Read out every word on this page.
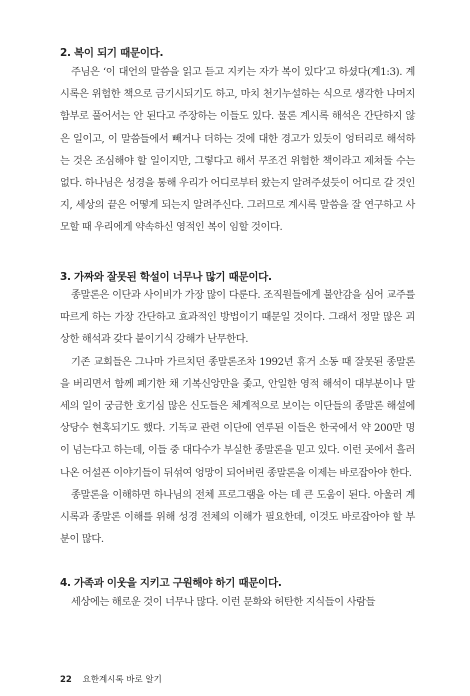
2. 복이 되기 때문이다.

주님은 ‘이 대언의 말씀을 읽고 듣고 지키는 자가 복이 있다’고 하셨다(계1:3). 계시록은 위험한 책으로 금기시되기도 하고, 마치 천기누설하는 식으로 생각한 나머지 함부로 풀어서는 안 된다고 주장하는 이들도 있다. 물론 계시록 해석은 간단하지 않은 일이고, 이 말씀들에서 빼거나 더하는 것에 대한 경고가 있듯이 엉터리로 해석하는 것은 조심해야 할 일이지만, 그렇다고 해서 무조건 위험한 책이라고 제쳐둘 수는 없다. 하나님은 성경을 통해 우리가 어디로부터 왔는지 알려주셨듯이 어디로 갈 것인지, 세상의 끝은 어떻게 되는지 알려주신다. 그러므로 계시록 말씀을 잘 연구하고 사모할 때 우리에게 약속하신 영적인 복이 임할 것이다.

3. 가짜와 잘못된 학설이 너무나 많기 때문이다.

종말론은 이단과 사이비가 가장 많이 다룬다. 조직원들에게 불안감을 심어 교주를 따르게 하는 가장 간단하고 효과적인 방법이기 때문일 것이다. 그래서 정말 많은 괴상한 해석과 갖다 붙이기식 강해가 난무한다.

기존 교회들은 그나마 가르치던 종말론조차 1992년 휴거 소동 때 잘못된 종말론을 버리면서 함께 폐기한 채 기복신앙만을 좇고, 안일한 영적 해석이 대부분이나 말세의 일이 궁금한 호기심 많은 신도들은 체계적으로 보이는 이단들의 종말론 해설에 상당수 현혹되기도 했다. 기독교 관련 이단에 연루된 이들은 한국에서 약 200만 명이 넘는다고 하는데, 이들 중 대다수가 부실한 종말론을 믿고 있다. 이런 곳에서 흘러나온 어설픈 이야기들이 뒤섞여 엉망이 되어버린 종말론을 이제는 바로잡아야 한다.

종말론을 이해하면 하나님의 전체 프로그램을 아는 데 큰 도움이 된다. 아울러 계시록과 종말론 이해를 위해 성경 전체의 이해가 필요한데, 이것도 바로잡아야 할 부분이 많다.

4. 가족과 이웃을 지키고 구원해야 하기 때문이다.

세상에는 해로운 것이 너무나 많다. 이런 문화와 허탄한 지식들이 사람들

22 요한계시록 바로 알기
